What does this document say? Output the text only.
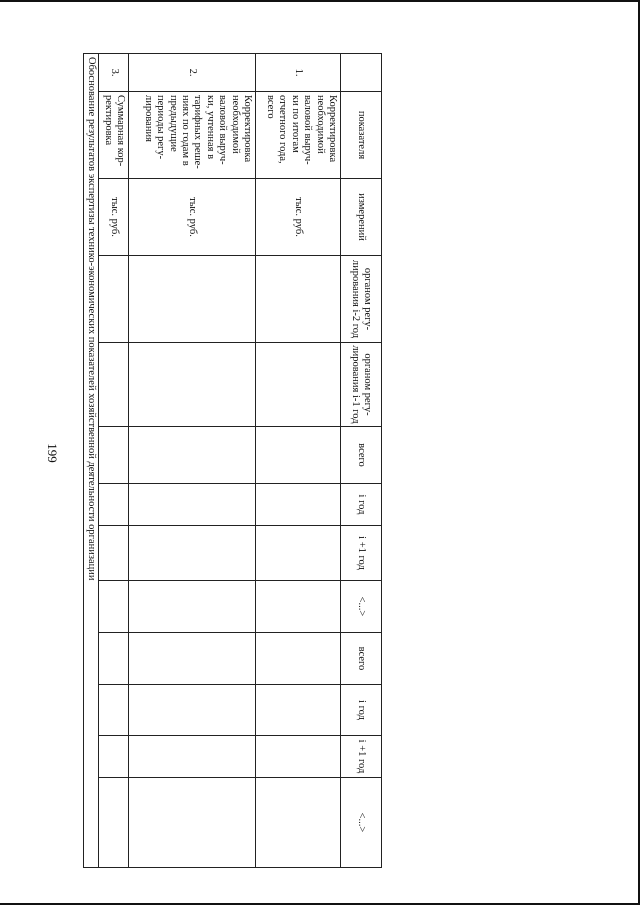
199
	показателя	измерений	органом регу-лирования i-2 год	органом регу-лирования i-1 год	всего	i год	i +1 год	<...>	всего	i год	i +1 год	<...>
1.	Корректировка необходимой валовой выруч-ки по итогам отчетного года, всего	тыс. руб.										
2.	Корректировка необходимой валовой выруч-ки, учтенная в тарифных реше-ниях по годам в предыдущие периоды регу-лирования	тыс. руб.										
3.	Суммарная кор-ректировка	тыс. руб.										
Обоснование результатов экспертизы технико-экономических показателей хозяйственной деятельности организации												
